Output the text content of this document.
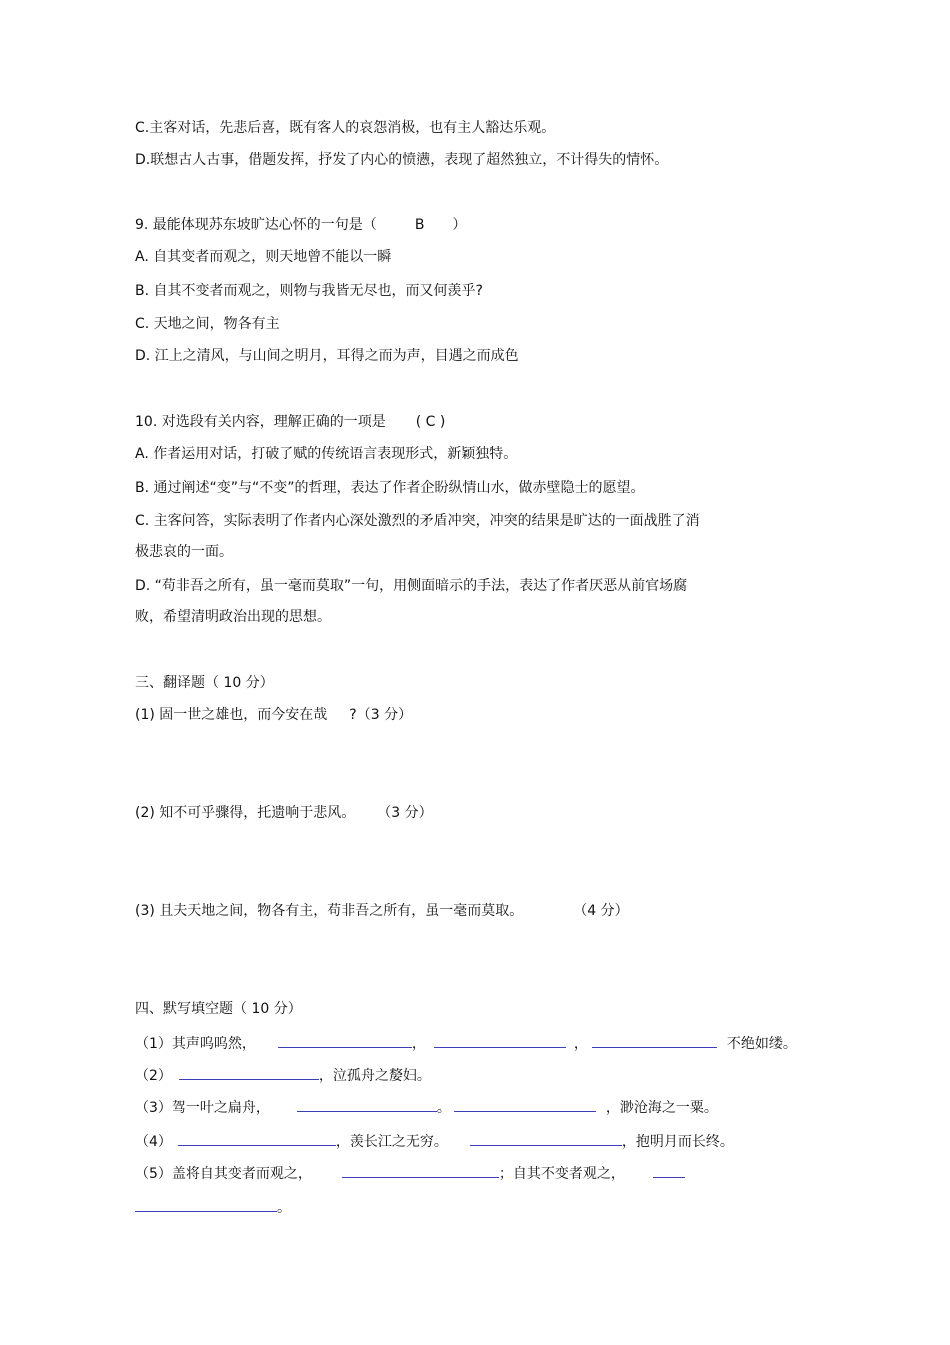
C.主客对话，先悲后喜，既有客人的哀怨消极，也有主人豁达乐观。
D.联想古人古事，借题发挥，抒发了内心的愤懑，表现了超然独立，不计得失的情怀。
9. 最能体现苏东坡旷达心怀的一句是（	B ）
A. 自其变者而观之，则天地曾不能以一瞬
B. 自其不变者而观之，则物与我皆无尽也，而又何羡乎?
C. 天地之间，物各有主
D. 江上之清风，与山间之明月，耳得之而为声，目遇之而成色
10. 对选段有关内容，理解正确的一项是 ( C )
A. 作者运用对话，打破了赋的传统语言表现形式，新颖独特。
B. 通过阐述“变”与“不变”的哲理，表达了作者企盼纵情山水，做赤壁隐士的愿望。
C. 主客问答，实际表明了作者内心深处激烈的矛盾冲突，冲突的结果是旷达的一面战胜了消
极悲哀的一面。
D. “苟非吾之所有，虽一毫而莫取”一句，用侧面暗示的手法，表达了作者厌恶从前官场腐
败，希望清明政治出现的思想。
三、翻译题（ 10 分）
(1) 固一世之雄也，而今安在哉 ?（3 分）
(2) 知不可乎骤得，托遗响于悲风。 （3 分）
(3) 且夫天地之间，物各有主，苟非吾之所有，虽一毫而莫取。	（4 分）
四、默写填空题（ 10 分）
（1）其声呜呜然，	，	，	不绝如缕。
（2）	，泣孤舟之嫠妇。
（3）驾一叶之扁舟，	。	，渺沧海之一粟。
（4）	，羡长江之无穷。	，抱明月而长终。
（5）盖将自其变者而观之，	；自其不变者观之，
。
